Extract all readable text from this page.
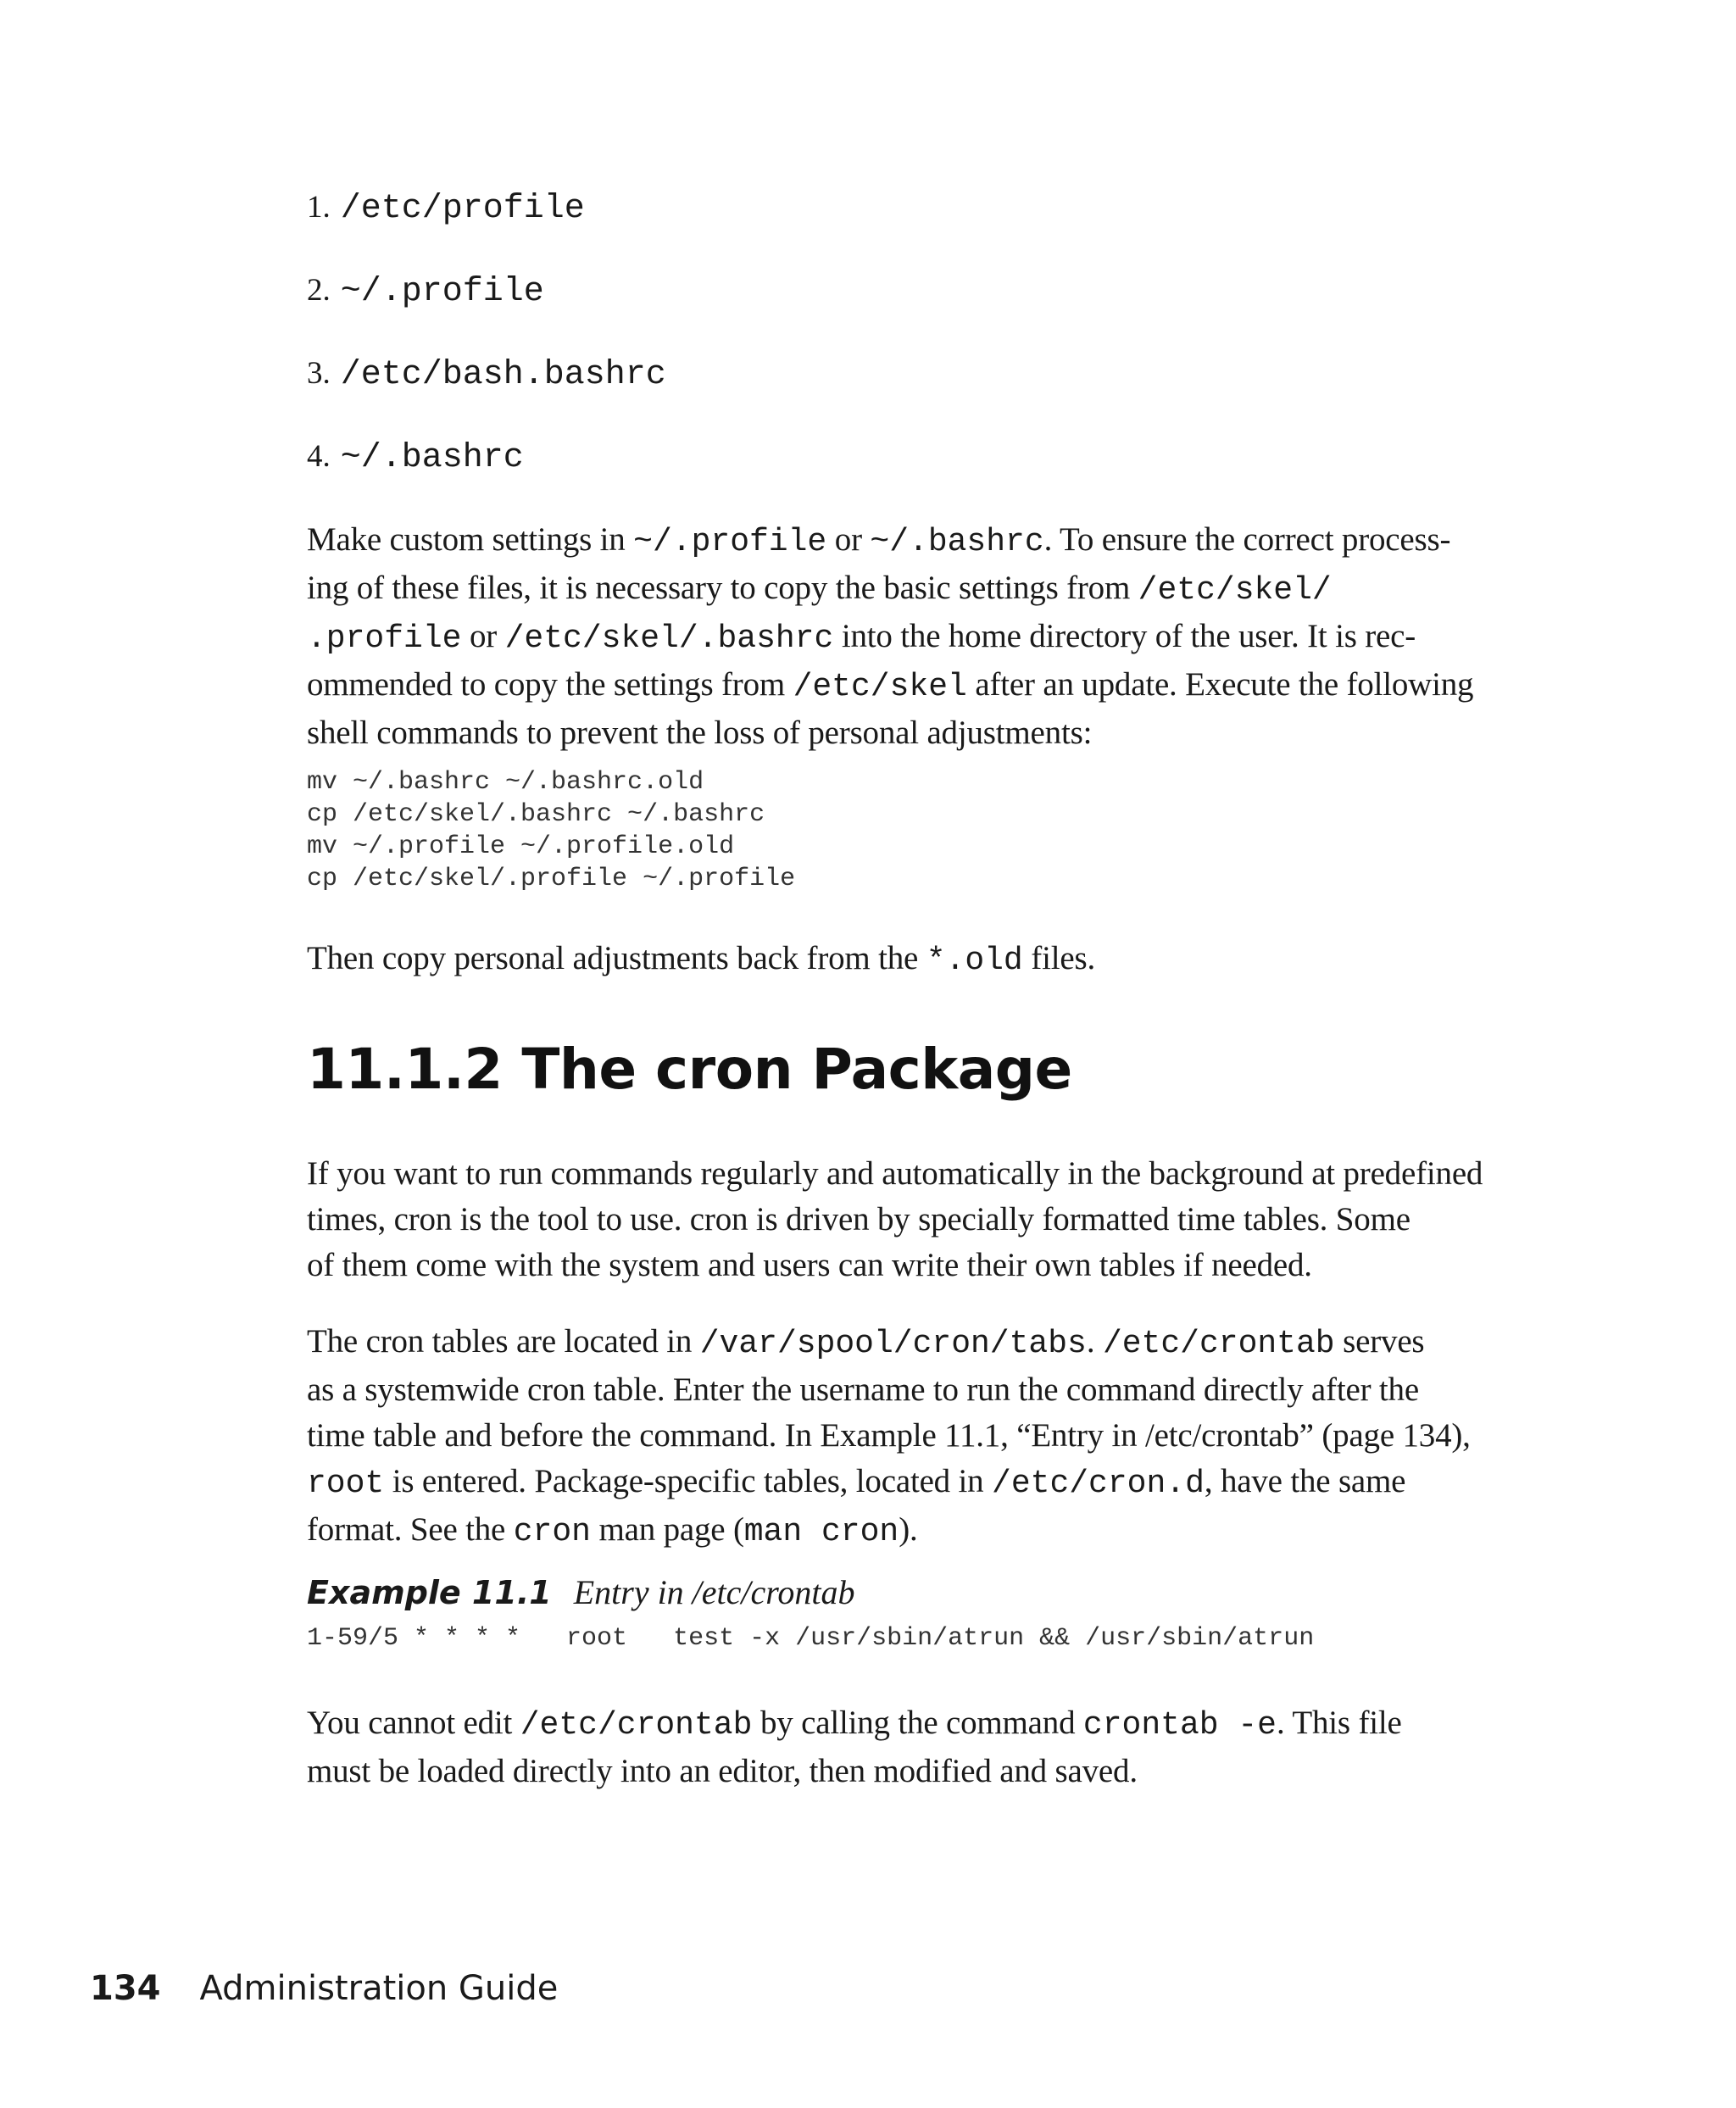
1. /etc/profile
2. ~/.profile
3. /etc/bash.bashrc
4. ~/.bashrc

Make custom settings in ~/.profile or ~/.bashrc. To ensure the correct process-
ing of these files, it is necessary to copy the basic settings from /etc/skel/
.profile or /etc/skel/.bashrc into the home directory of the user. It is rec-
ommended to copy the settings from /etc/skel after an update. Execute the following
shell commands to prevent the loss of personal adjustments:

mv ~/.bashrc ~/.bashrc.old
cp /etc/skel/.bashrc ~/.bashrc
mv ~/.profile ~/.profile.old
cp /etc/skel/.profile ~/.profile

Then copy personal adjustments back from the *.old files.

11.1.2 The cron Package

If you want to run commands regularly and automatically in the background at predefined
times, cron is the tool to use. cron is driven by specially formatted time tables. Some
of them come with the system and users can write their own tables if needed.

The cron tables are located in /var/spool/cron/tabs. /etc/crontab serves
as a systemwide cron table. Enter the username to run the command directly after the
time table and before the command. In Example 11.1, “Entry in /etc/crontab” (page 134),
root is entered. Package-specific tables, located in /etc/cron.d, have the same
format. See the cron man page (man cron).

Example 11.1 Entry in /etc/crontab

1-59/5 * * * *   root   test -x /usr/sbin/atrun && /usr/sbin/atrun

You cannot edit /etc/crontab by calling the command crontab -e. This file
must be loaded directly into an editor, then modified and saved.

134 Administration Guide
